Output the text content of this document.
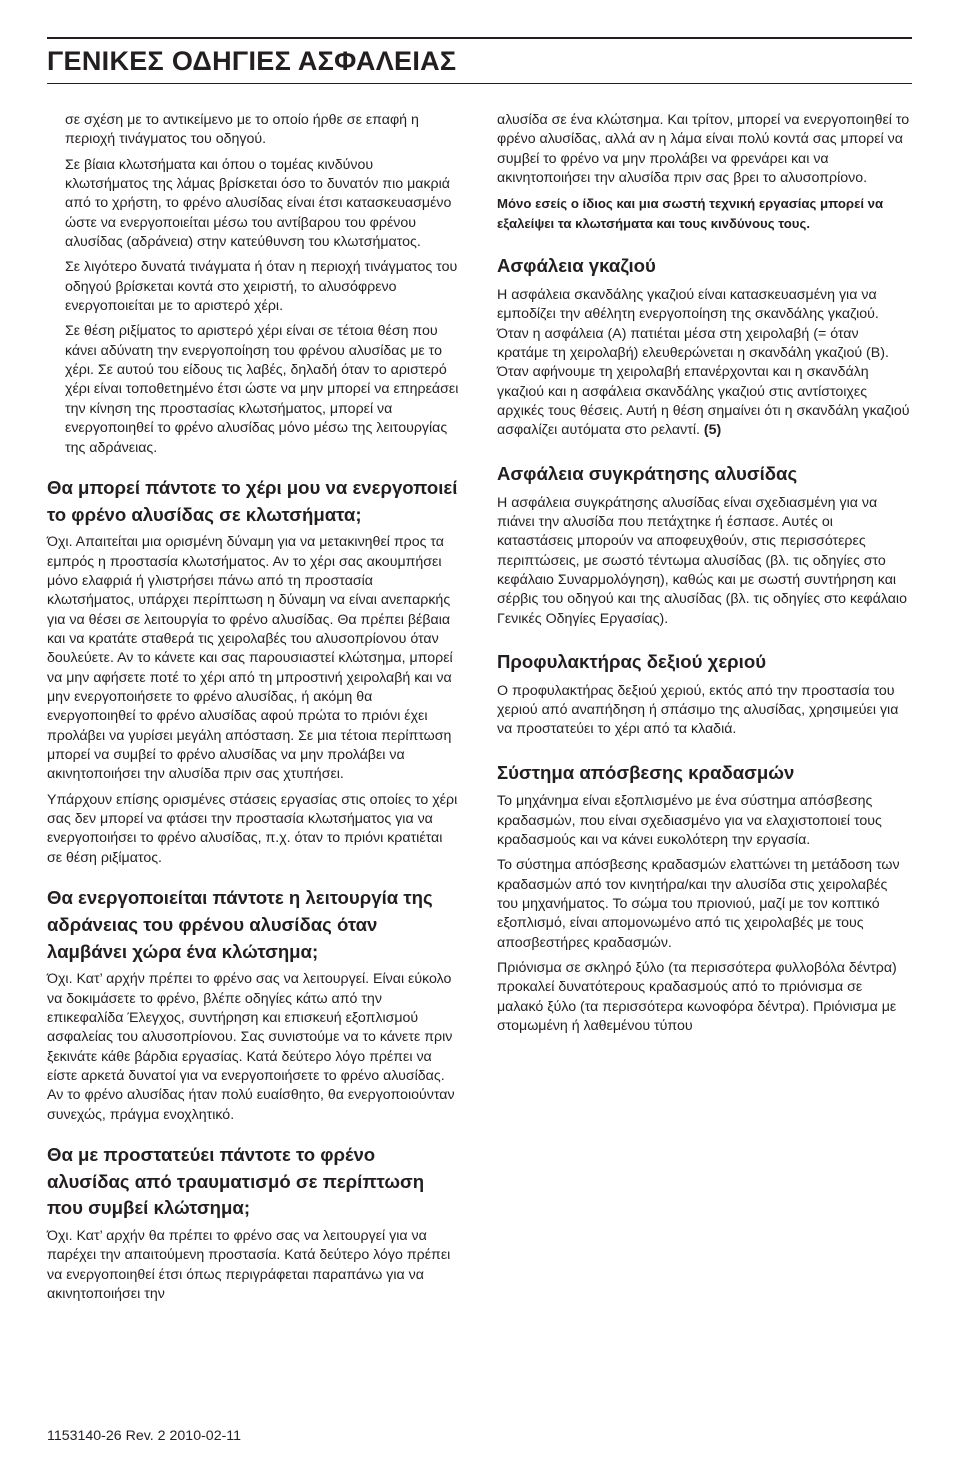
ΓΕΝΙΚΕΣ ΟΔΗΓΙΕΣ ΑΣΦΑΛΕΙΑΣ

σε σχέση με το αντικείμενο με το οποίο ήρθε σε επαφή η περιοχή τινάγματος του οδηγού.

Σε βίαια κλωτσήματα και όπου ο τομέας κινδύνου κλωτσήματος της λάμας βρίσκεται όσο το δυνατόν πιο μακριά από το χρήστη, το φρένο αλυσίδας είναι έτσι κατασκευασμένο ώστε να ενεργοποιείται μέσω του αντίβαρου του φρένου αλυσίδας (αδράνεια) στην κατεύθυνση του κλωτσήματος.

Σε λιγότερο δυνατά τινάγματα ή όταν η περιοχή τινάγματος του οδηγού βρίσκεται κοντά στο χειριστή, το αλυσόφρενο ενεργοποιείται με το αριστερό χέρι.

Σε θέση ριξίματος το αριστερό χέρι είναι σε τέτοια θέση που κάνει αδύνατη την ενεργοποίηση του φρένου αλυσίδας με το χέρι. Σε αυτού του είδους τις λαβές, δηλαδή όταν το αριστερό χέρι είναι τοποθετημένο έτσι ώστε να μην μπορεί να επηρεάσει την κίνηση της προστασίας κλωτσήματος, μπορεί να ενεργοποιηθεί το φρένο αλυσίδας μόνο μέσω της λειτουργίας της αδράνειας.

Θα μπορεί πάντοτε το χέρι μου να ενεργοποιεί το φρένο αλυσίδας σε κλωτσήματα;

Όχι. Απαιτείται μια ορισμένη δύναμη για να μετακινηθεί προς τα εμπρός η προστασία κλωτσήματος. Αν το χέρι σας ακουμπήσει μόνο ελαφριά ή γλιστρήσει πάνω από τη προστασία κλωτσήματος, υπάρχει περίπτωση η δύναμη να είναι ανεπαρκής για να θέσει σε λειτουργία το φρένο αλυσίδας. Θα πρέπει βέβαια και να κρατάτε σταθερά τις χειρολαβές του αλυσοπρίονου όταν δουλεύετε. Αν το κάνετε και σας παρουσιαστεί κλώτσημα, μπορεί να μην αφήσετε ποτέ το χέρι από τη μπροστινή χειρολαβή και να μην ενεργοποιήσετε το φρένο αλυσίδας, ή ακόμη θα ενεργοποιηθεί το φρένο αλυσίδας αφού πρώτα το πριόνι έχει προλάβει να γυρίσει μεγάλη απόσταση. Σε μια τέτοια περίπτωση μπορεί να συμβεί το φρένο αλυσίδας να μην προλάβει να ακινητοποιήσει την αλυσίδα πριν σας χτυπήσει.

Υπάρχουν επίσης ορισμένες στάσεις εργασίας στις οποίες το χέρι σας δεν μπορεί να φτάσει την προστασία κλωτσήματος για να ενεργοποιήσει το φρένο αλυσίδας, π.χ. όταν το πριόνι κρατιέται σε θέση ριξίματος.

Θα ενεργοποιείται πάντοτε η λειτουργία της αδράνειας του φρένου αλυσίδας όταν λαμβάνει χώρα ένα κλώτσημα;

Όχι. Κατ’ αρχήν πρέπει το φρένο σας να λειτουργεί. Είναι εύκολο να δοκιμάσετε το φρένο, βλέπε οδηγίες κάτω από την επικεφαλίδα Έλεγχος, συντήρηση και επισκευή εξοπλισμού ασφαλείας του αλυσοπρίονου. Σας συνιστούμε να το κάνετε πριν ξεκινάτε κάθε βάρδια εργασίας. Κατά δεύτερο λόγο πρέπει να είστε αρκετά δυνατοί για να ενεργοποιήσετε το φρένο αλυσίδας. Αν το φρένο αλυσίδας ήταν πολύ ευαίσθητο, θα ενεργοποιούνταν συνεχώς, πράγμα ενοχλητικό.

Θα με προστατεύει πάντοτε το φρένο αλυσίδας από τραυματισμό σε περίπτωση που συμβεί κλώτσημα;

Όχι. Κατ’ αρχήν θα πρέπει το φρένο σας να λειτουργεί για να παρέχει την απαιτούμενη προστασία. Κατά δεύτερο λόγο πρέπει να ενεργοποιηθεί έτσι όπως περιγράφεται παραπάνω για να ακινητοποιήσει την

αλυσίδα σε ένα κλώτσημα. Και τρίτον, μπορεί να ενεργοποιηθεί το φρένο αλυσίδας, αλλά αν η λάμα είναι πολύ κοντά σας μπορεί να συμβεί το φρένο να μην προλάβει να φρενάρει και να ακινητοποιήσει την αλυσίδα πριν σας βρει το αλυσοπρίονο.

Μόνο εσείς ο ίδιος και μια σωστή τεχνική εργασίας μπορεί να εξαλείψει τα κλωτσήματα και τους κινδύνους τους.

Ασφάλεια γκαζιού

Η ασφάλεια σκανδάλης γκαζιού είναι κατασκευασμένη για να εμποδίζει την αθέλητη ενεργοποίηση της σκανδάλης γκαζιού. Όταν η ασφάλεια (A) πατιέται μέσα στη χειρολαβή (= όταν κρατάμε τη χειρολαβή) ελευθερώνεται η σκανδάλη γκαζιού (B). Όταν αφήνουμε τη χειρολαβή επανέρχονται και η σκανδάλη γκαζιού και η ασφάλεια σκανδάλης γκαζιού στις αντίστοιχες αρχικές τους θέσεις. Αυτή η θέση σημαίνει ότι η σκανδάλη γκαζιού ασφαλίζει αυτόματα στο ρελαντί. (5)

Ασφάλεια συγκράτησης αλυσίδας

Η ασφάλεια συγκράτησης αλυσίδας είναι σχεδιασμένη για να πιάνει την αλυσίδα που πετάχτηκε ή έσπασε. Αυτές οι καταστάσεις μπορούν να αποφευχθούν, στις περισσότερες περιπτώσεις, με σωστό τέντωμα αλυσίδας (βλ. τις οδηγίες στο κεφάλαιο Συναρμολόγηση), καθώς και με σωστή συντήρηση και σέρβις του οδηγού και της αλυσίδας (βλ. τις οδηγίες στο κεφάλαιο Γενικές Οδηγίες Εργασίας).

Προφυλακτήρας δεξιού χεριού

Ο προφυλακτήρας δεξιού χεριού, εκτός από την προστασία του χεριού από αναπήδηση ή σπάσιμο της αλυσίδας, χρησιμεύει για να προστατεύει το χέρι από τα κλαδιά.

Σύστημα απόσβεσης κραδασμών

Το μηχάνημα είναι εξοπλισμένο με ένα σύστημα απόσβεσης κραδασμών, που είναι σχεδιασμένο για να ελαχιστοποιεί τους κραδασμούς και να κάνει ευκολότερη την εργασία.

Το σύστημα απόσβεσης κραδασμών ελαττώνει τη μετάδοση των κραδασμών από τον κινητήρα/και την αλυσίδα στις χειρολαβές του μηχανήματος. Το σώμα του πριονιού, μαζί με τον κοπτικό εξοπλισμό, είναι απομονωμένο από τις χειρολαβές με τους αποσβεστήρες κραδασμών.

Πριόνισμα σε σκληρό ξύλο (τα περισσότερα φυλλοβόλα δέντρα) προκαλεί δυνατότερους κραδασμούς από το πριόνισμα σε μαλακό ξύλο (τα περισσότερα κωνοφόρα δέντρα). Πριόνισμα με στομωμένη ή λαθεμένου τύπου

1153140-26 Rev. 2 2010-02-11
